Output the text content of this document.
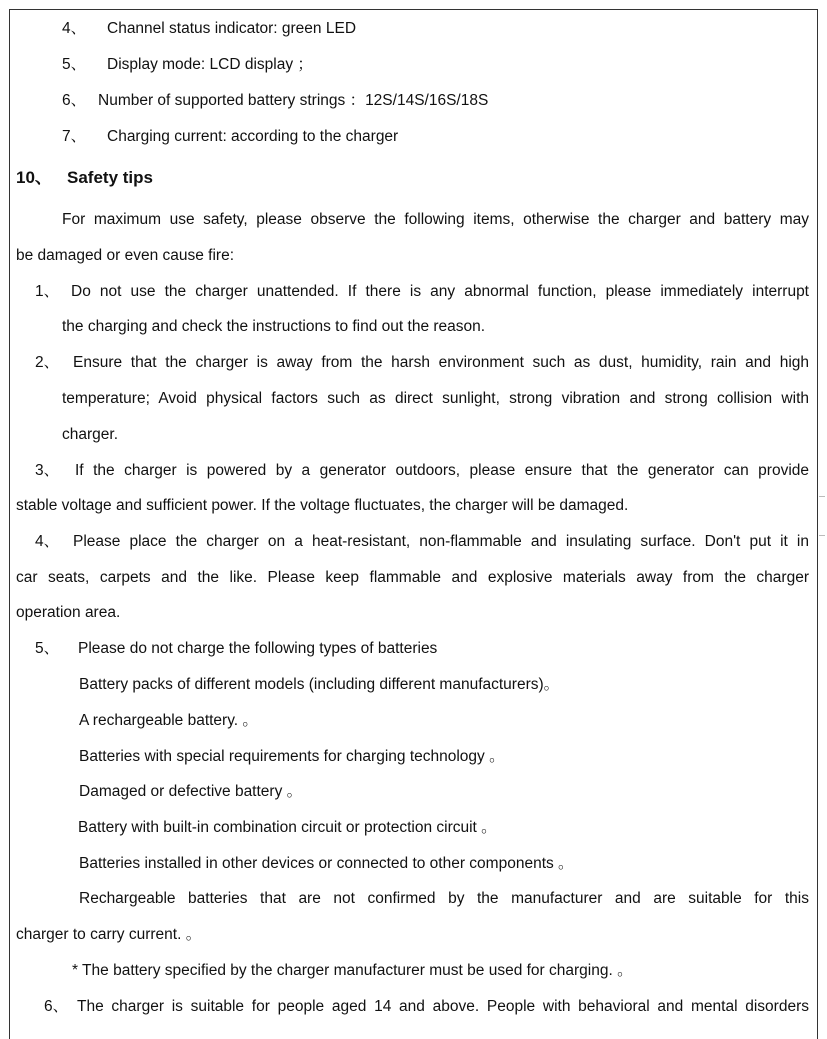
4、 Channel status indicator: green LED
5、 Display mode: LCD display ；
6、 Number of supported battery strings ：12S/14S/16S/18S
7、 Charging current: according to the charger
10、 Safety tips
For maximum use safety, please observe the following items, otherwise the charger and battery may
be damaged or even cause fire:
1、 Do not use the charger unattended. If there is any abnormal function, please immediately interrupt
the charging and check the instructions to find out the reason.
2、 Ensure that the charger is away from the harsh environment such as dust, humidity, rain and high
temperature; Avoid physical factors such as direct sunlight, strong vibration and strong collision with
charger.
3、 If the charger is powered by a generator outdoors, please ensure that the generator can provide
stable voltage and sufficient power. If the voltage fluctuates, the charger will be damaged.
4、 Please place the charger on a heat-resistant, non-flammable and insulating surface. Don't put it in
car seats, carpets and the like. Please keep flammable and explosive materials away from the charger
operation area.
5、 Please do not charge the following types of batteries
Battery packs of different models (including different manufacturers)。
A rechargeable battery. 。
Batteries with special requirements for charging technology 。
Damaged or defective battery 。
Battery with built-in combination circuit or protection circuit 。
Batteries installed in other devices or connected to other components 。
Rechargeable batteries that are not confirmed by the manufacturer and are suitable for this
charger to carry current. 。
* The battery specified by the charger manufacturer must be used for charging. 。
6、 The charger is suitable for people aged 14 and above. People with behavioral and mental disorders
